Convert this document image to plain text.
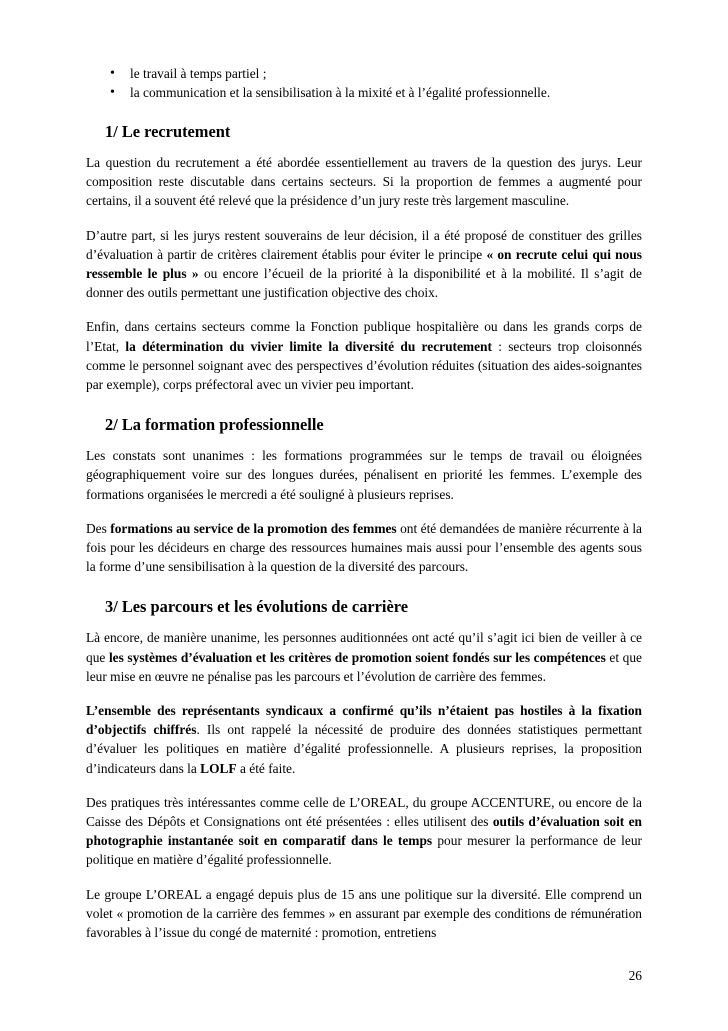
• le travail à temps partiel ;
• la communication et la sensibilisation à la mixité et à l’égalité professionnelle.
1/ Le recrutement

La question du recrutement a été abordée essentiellement au travers de la question des jurys. Leur composition reste discutable dans certains secteurs. Si la proportion de femmes a augmenté pour certains, il a souvent été relevé que la présidence d’un jury reste très largement masculine.

D’autre part, si les jurys restent souverains de leur décision, il a été proposé de constituer des grilles d’évaluation à partir de critères clairement établis pour éviter le principe « on recrute celui qui nous ressemble le plus » ou encore l’écueil de la priorité à la disponibilité et à la mobilité. Il s’agit de donner des outils permettant une justification objective des choix.

Enfin, dans certains secteurs comme la Fonction publique hospitalière ou dans les grands corps de l’Etat, la détermination du vivier limite la diversité du recrutement : secteurs trop cloisonnés comme le personnel soignant avec des perspectives d’évolution réduites (situation des aides-soignantes par exemple), corps préfectoral avec un vivier peu important.

2/ La formation professionnelle

Les constats sont unanimes : les formations programmées sur le temps de travail ou éloignées géographiquement voire sur des longues durées, pénalisent en priorité les femmes. L’exemple des formations organisées le mercredi a été souligné à plusieurs reprises.

Des formations au service de la promotion des femmes ont été demandées de manière récurrente à la fois pour les décideurs en charge des ressources humaines mais aussi pour l’ensemble des agents sous la forme d’une sensibilisation à la question de la diversité des parcours.

3/ Les parcours et les évolutions de carrière

Là encore, de manière unanime, les personnes auditionnées ont acté qu’il s’agit ici bien de veiller à ce que les systèmes d’évaluation et les critères de promotion soient fondés sur les compétences et que leur mise en œuvre ne pénalise pas les parcours et l’évolution de carrière des femmes.

L’ensemble des représentants syndicaux a confirmé qu’ils n’étaient pas hostiles à la fixation d’objectifs chiffrés. Ils ont rappelé la nécessité de produire des données statistiques permettant d’évaluer les politiques en matière d’égalité professionnelle. A plusieurs reprises, la proposition d’indicateurs dans la LOLF a été faite.

Des pratiques très intéressantes comme celle de L’OREAL, du groupe ACCENTURE, ou encore de la Caisse des Dépôts et Consignations ont été présentées : elles utilisent des outils d’évaluation soit en photographie instantanée soit en comparatif dans le temps pour mesurer la performance de leur politique en matière d’égalité professionnelle.

Le groupe L’OREAL a engagé depuis plus de 15 ans une politique sur la diversité. Elle comprend un volet « promotion de la carrière des femmes » en assurant par exemple des conditions de rémunération favorables à l’issue du congé de maternité : promotion, entretiens

26
